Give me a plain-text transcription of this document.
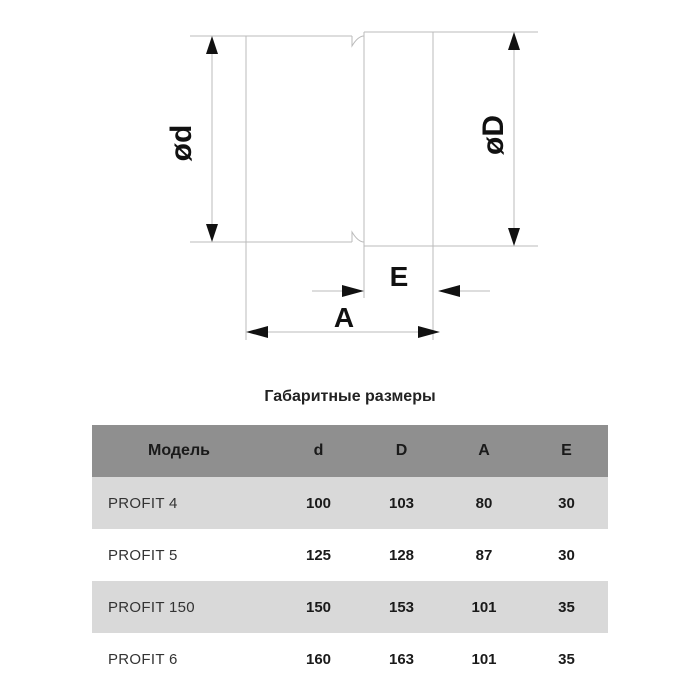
ød	øD
A
E
Габаритные размеры
Модель	d	D	A	E
PROFIT 4	100	103	80	30
PROFIT 5	125	128	87	30
PROFIT 150	150	153	101	35
PROFIT 6	160	163	101	35
